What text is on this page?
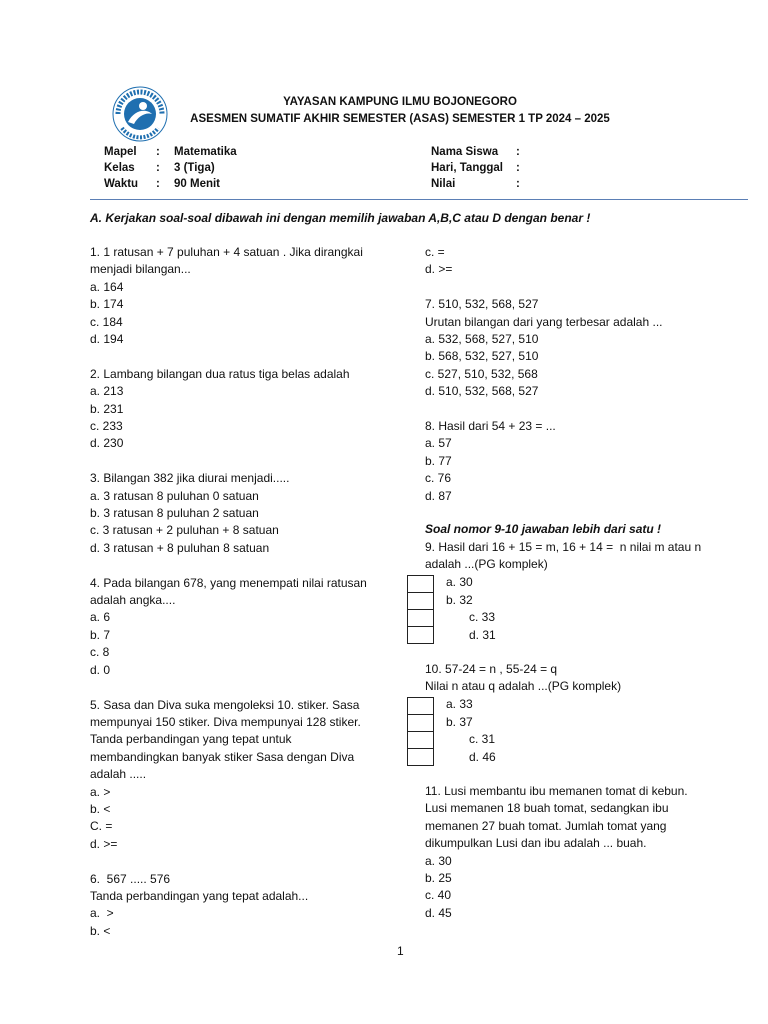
YAYASAN KAMPUNG ILMU BOJONEGORO
ASESMEN SUMATIF AKHIR SEMESTER (ASAS) SEMESTER 1 TP 2024 – 2025
Mapel	: Matematika
Kelas : 3 (Tiga)
Waktu : 90 Menit
Nama Siswa :
Hari, Tanggal :
Nilai	:
A. Kerjakan soal-soal dibawah ini dengan memilih jawaban A,B,C atau D dengan benar !

1. 1 ratusan + 7 puluhan + 4 satuan . Jika dirangkai

menjadi bilangan...

a. 164

b. 174

c. 184

d. 194

2. Lambang bilangan dua ratus tiga belas adalah

a. 213

b. 231

c. 233

d. 230

3. Bilangan 382 jika diurai menjadi.....

a. 3 ratusan 8 puluhan 0 satuan

b. 3 ratusan 8 puluhan 2 satuan

c. 3 ratusan + 2 puluhan + 8 satuan

d. 3 ratusan + 8 puluhan 8 satuan

4. Pada bilangan 678, yang menempati nilai ratusan

adalah angka....

a. 6

b. 7

c. 8

d. 0

5. Sasa dan Diva suka mengoleksi 10. stiker. Sasa

mempunyai 150 stiker. Diva mempunyai 128 stiker.

Tanda perbandingan yang tepat untuk

membandingkan banyak stiker Sasa dengan Diva

adalah .....

a. >

b. <

C. =

d. >=

6.  567 ..... 576

Tanda perbandingan yang tepat adalah...

a.  >

b. <

c. =

d. >=

7. 510, 532, 568, 527

Urutan bilangan dari yang terbesar adalah ...

a. 532, 568, 527, 510

b. 568, 532, 527, 510

c. 527, 510, 532, 568

d. 510, 532, 568, 527

8. Hasil dari 54 + 23 = ...

a. 57

b. 77

c. 76

d. 87

Soal nomor 9-10 jawaban lebih dari satu !

9. Hasil dari 16 + 15 = m, 16 + 14 =  n nilai m atau n

adalah ...(PG komplek)

a. 30
b. 32
c. 33
d. 31

10. 57-24 = n , 55-24 = q

Nilai n atau q adalah ...(PG komplek)

a. 33
b. 37
c. 31
d. 46

11. Lusi membantu ibu memanen tomat di kebun.

Lusi memanen 18 buah tomat, sedangkan ibu

memanen 27 buah tomat. Jumlah tomat yang

dikumpulkan Lusi dan ibu adalah ... buah.

a. 30

b. 25

c. 40

d. 45

1
